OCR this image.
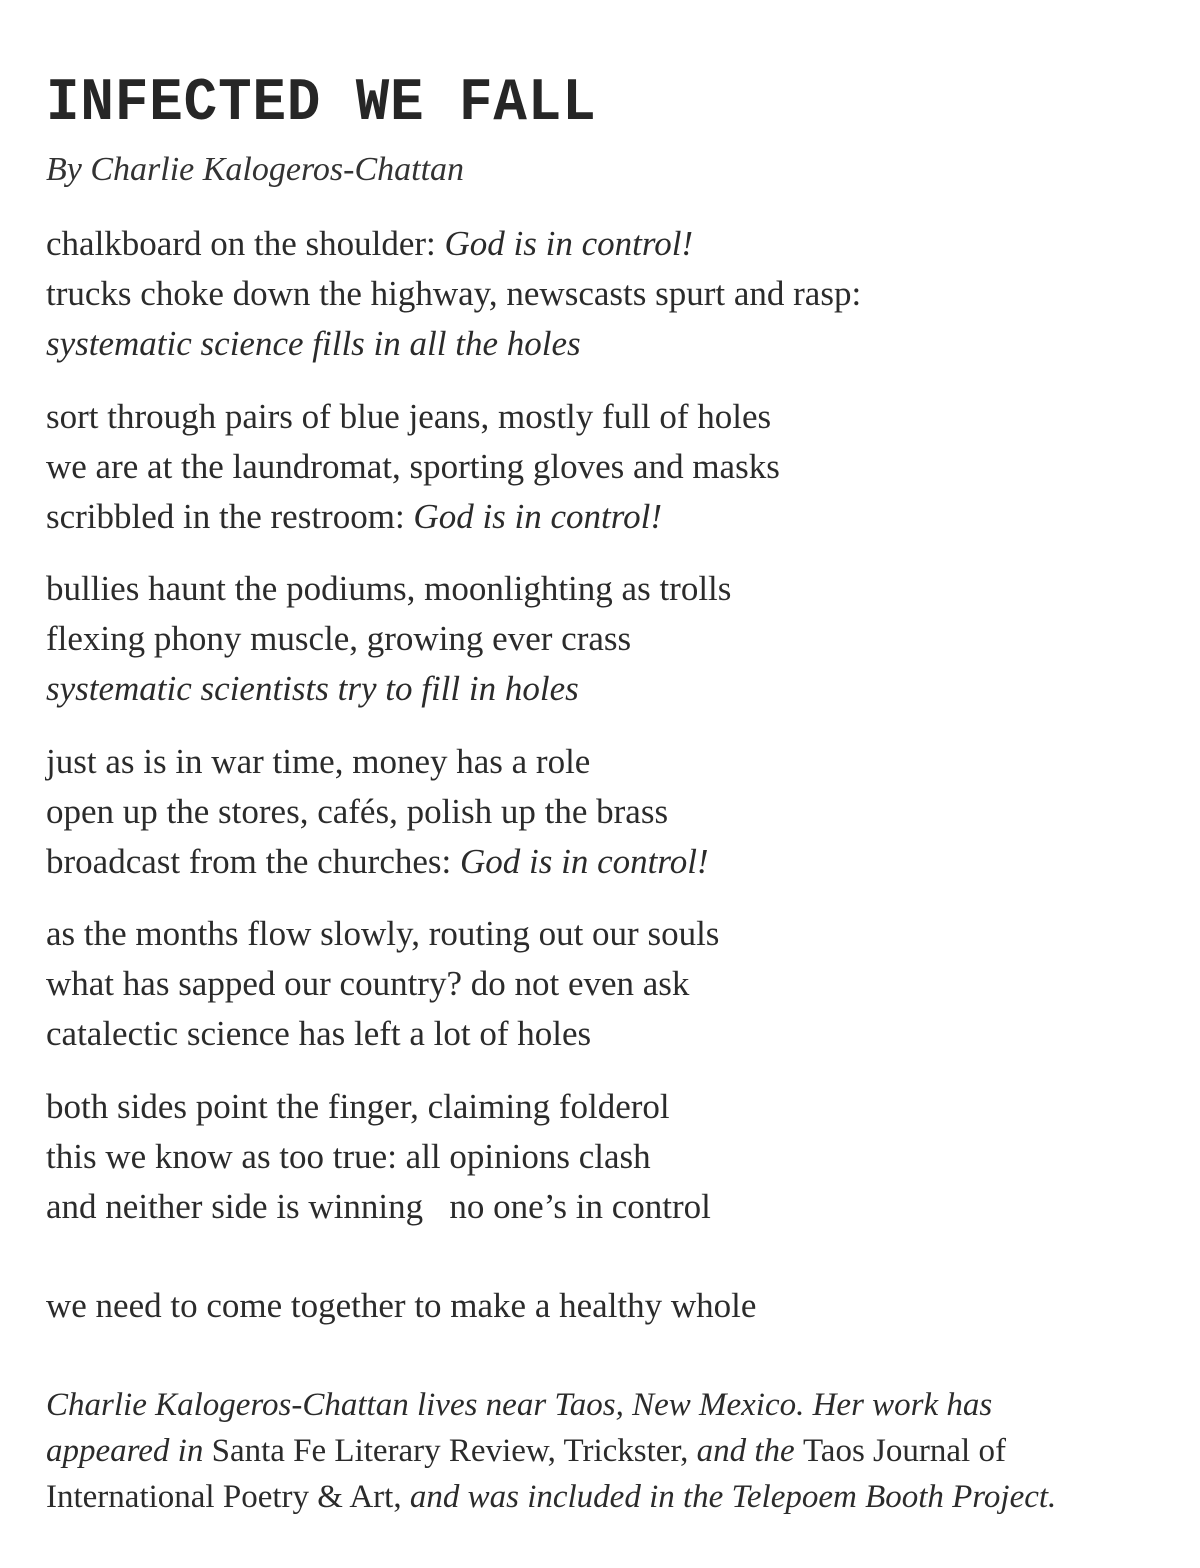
INFECTED WE FALL

By Charlie Kalogeros-Chattan

chalkboard on the shoulder: God is in control!
trucks choke down the highway, newscasts spurt and rasp:
systematic science fills in all the holes
sort through pairs of blue jeans, mostly full of holes
we are at the laundromat, sporting gloves and masks
scribbled in the restroom: God is in control!
bullies haunt the podiums, moonlighting as trolls
flexing phony muscle, growing ever crass
systematic scientists try to fill in holes
just as is in war time, money has a role
open up the stores, cafés, polish up the brass
broadcast from the churches: God is in control!
as the months flow slowly, routing out our souls
what has sapped our country? do not even ask
catalectic science has left a lot of holes
both sides point the finger, claiming folderol
this we know as too true: all opinions clash
and neither side is winning   no one’s in control
we need to come together to make a healthy whole
Charlie Kalogeros-Chattan lives near Taos, New Mexico. Her work has
appeared in Santa Fe Literary Review, Trickster, and the Taos Journal of
International Poetry & Art, and was included in the Telepoem Booth Project.
